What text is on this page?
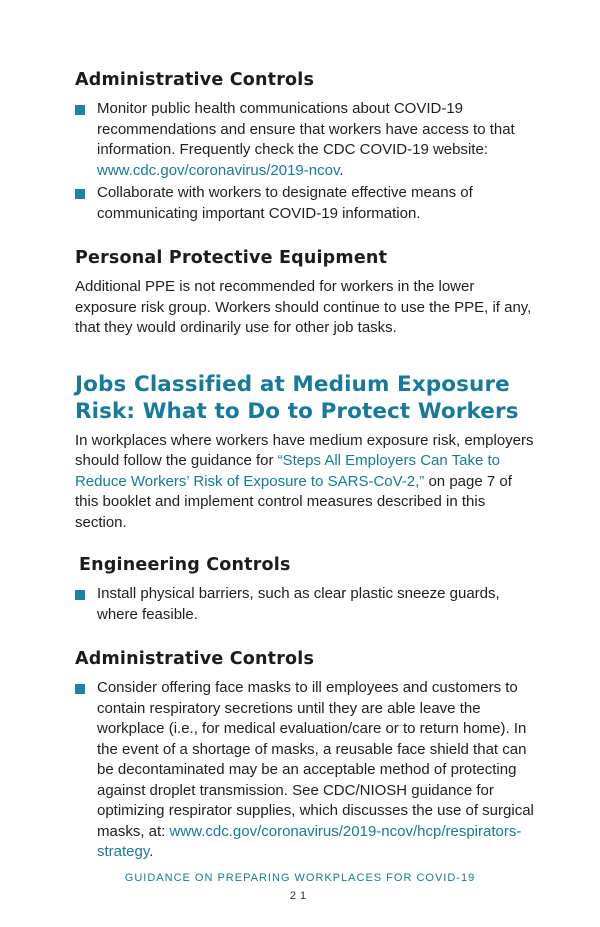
Administrative Controls
Monitor public health communications about COVID-19 recommendations and ensure that workers have access to that information. Frequently check the CDC COVID-19 website: www.cdc.gov/coronavirus/2019-ncov.
Collaborate with workers to designate effective means of communicating important COVID-19 information.
Personal Protective Equipment

Additional PPE is not recommended for workers in the lower exposure risk group. Workers should continue to use the PPE, if any, that they would ordinarily use for other job tasks.

Jobs Classified at Medium Exposure Risk: What to Do to Protect Workers

In workplaces where workers have medium exposure risk, employers should follow the guidance for “Steps All Employers Can Take to Reduce Workers’ Risk of Exposure to SARS-CoV-2,” on page 7 of this booklet and implement control measures described in this section.

Engineering Controls
Install physical barriers, such as clear plastic sneeze guards, where feasible.
Administrative Controls
Consider offering face masks to ill employees and customers to contain respiratory secretions until they are able leave the workplace (i.e., for medical evaluation/care or to return home). In the event of a shortage of masks, a reusable face shield that can be decontaminated may be an acceptable method of protecting against droplet transmission. See CDC/NIOSH guidance for optimizing respirator supplies, which discusses the use of surgical masks, at: www.cdc.gov/coronavirus/2019-ncov/hcp/respirators-strategy.
GUIDANCE ON PREPARING WORKPLACES FOR COVID-19
21
